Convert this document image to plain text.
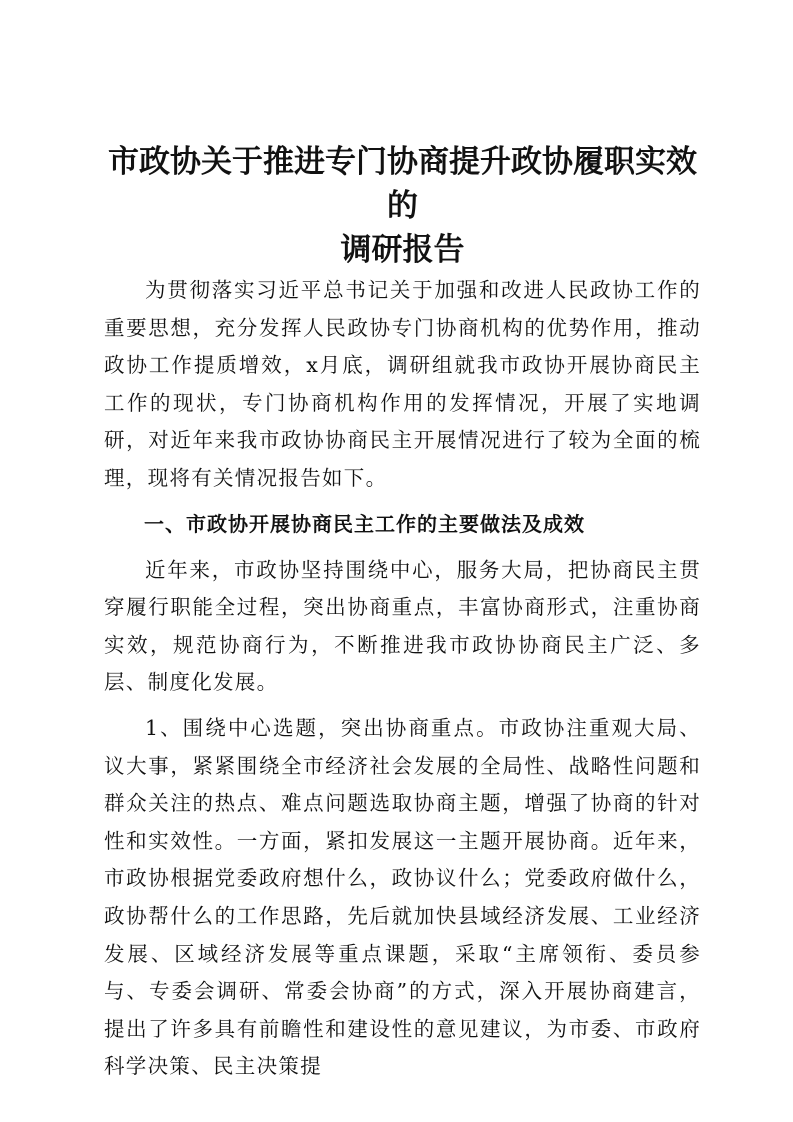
市政协关于推进专门协商提升政协履职实效的
调研报告

为贯彻落实习近平总书记关于加强和改进人民政协工作的重要思想，充分发挥人民政协专门协商机构的优势作用，推动政协工作提质增效，x月底，调研组就我市政协开展协商民主工作的现状，专门协商机构作用的发挥情况，开展了实地调研，对近年来我市政协协商民主开展情况进行了较为全面的梳理，现将有关情况报告如下。

一、市政协开展协商民主工作的主要做法及成效

近年来，市政协坚持围绕中心，服务大局，把协商民主贯穿履行职能全过程，突出协商重点，丰富协商形式，注重协商实效，规范协商行为，不断推进我市政协协商民主广泛、多层、制度化发展。

1、围绕中心选题，突出协商重点。市政协注重观大局、议大事，紧紧围绕全市经济社会发展的全局性、战略性问题和群众关注的热点、难点问题选取协商主题，增强了协商的针对性和实效性。一方面，紧扣发展这一主题开展协商。近年来，市政协根据党委政府想什么，政协议什么；党委政府做什么，政协帮什么的工作思路，先后就加快县域经济发展、工业经济发展、区域经济发展等重点课题，采取“主席领衔、委员参与、专委会调研、常委会协商”的方式，深入开展协商建言，提出了许多具有前瞻性和建设性的意见建议，为市委、市政府科学决策、民主决策提
